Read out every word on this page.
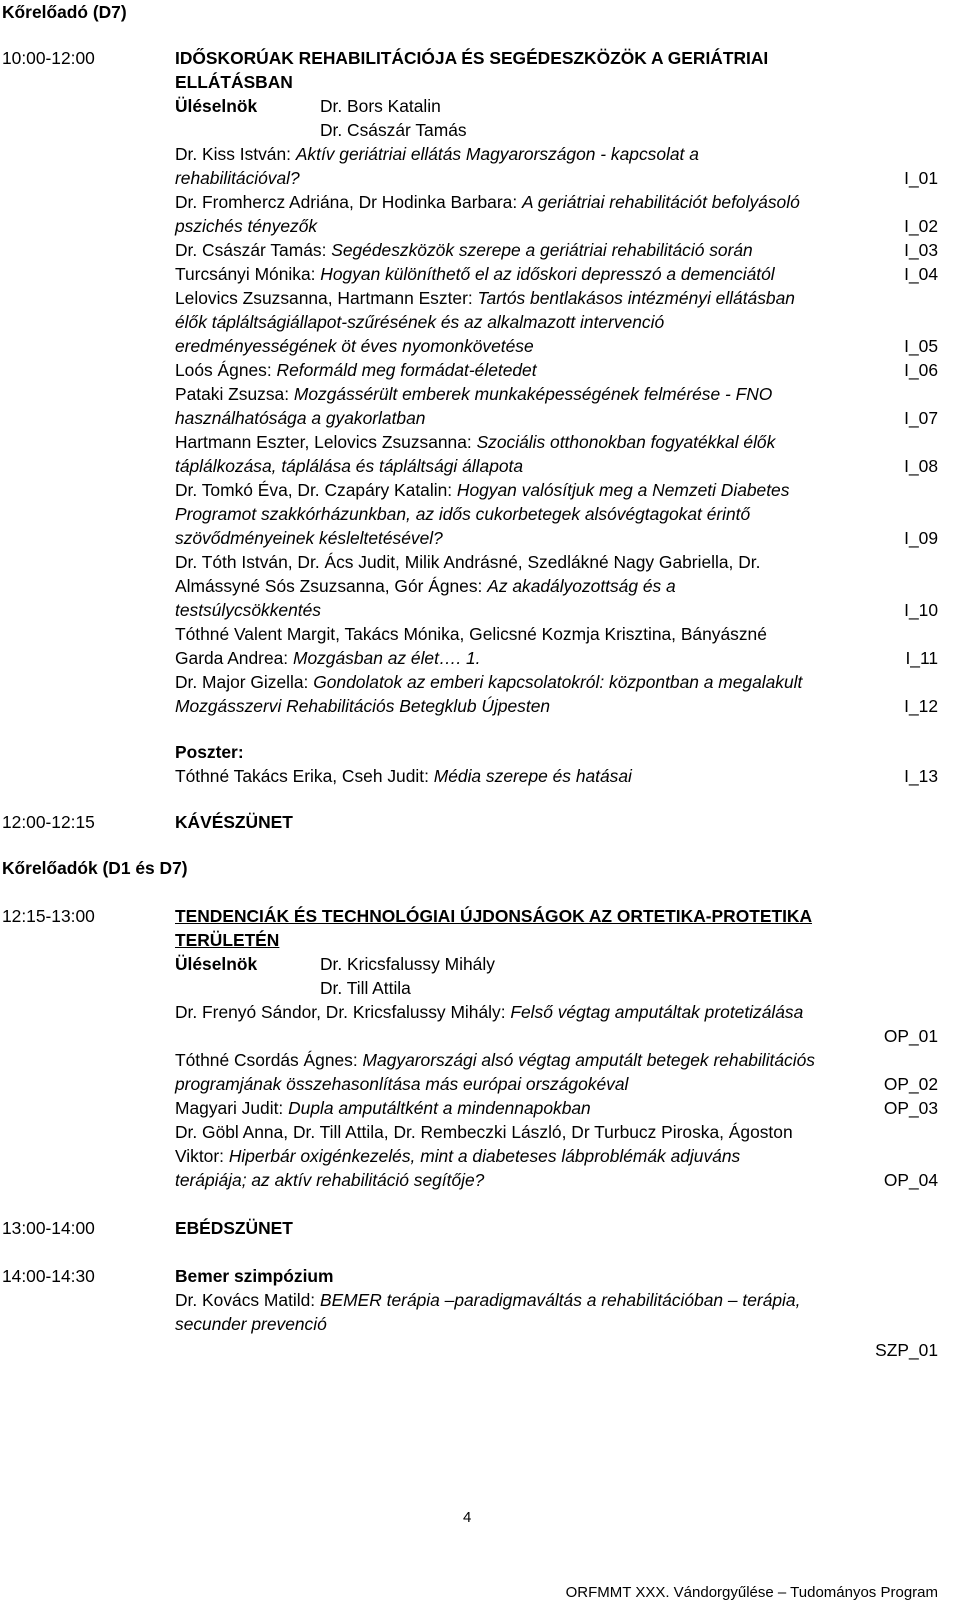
Kőrelőadó (D7)
10:00-12:00	IDŐSKORÚAK REHABILITÁCIÓJA ÉS SEGÉDESZKÖZÖK A GERIÁTRIAI
ELLÁTÁSBAN
Üléselnök	Dr. Bors Katalin
Dr. Császár Tamás
Dr. Kiss István: Aktív geriátriai ellátás Magyarországon - kapcsolat a
rehabilitációval?	I_01
Dr. Fromhercz Adriána, Dr Hodinka Barbara: A geriátriai rehabilitációt befolyásoló
pszichés tényezők	I_02
Dr. Császár Tamás: Segédeszközök szerepe a geriátriai rehabilitáció során	I_03
Turcsányi Mónika: Hogyan különíthető el az időskori depresszó a demenciától	I_04
Lelovics Zsuzsanna, Hartmann Eszter: Tartós bentlakásos intézményi ellátásban
élők tápláltságiállapot-szűrésének és az alkalmazott intervenció
eredményességének öt éves nyomonkövetése	I_05
Loós Ágnes: Reformáld meg formádat-életedet	I_06
Pataki Zsuzsa: Mozgássérült emberek munkaképességének felmérése - FNO
használhatósága a gyakorlatban	I_07
Hartmann Eszter, Lelovics Zsuzsanna: Szociális otthonokban fogyatékkal élők
táplálkozása, táplálása és tápláltsági állapota	I_08
Dr. Tomkó Éva, Dr. Czapáry Katalin: Hogyan valósítjuk meg a Nemzeti Diabetes
Programot szakkórházunkban, az idős cukorbetegek alsóvégtagokat érintő
szövődményeinek késleltetésével?	I_09
Dr. Tóth István, Dr. Ács Judit, Milik Andrásné, Szedlákné Nagy Gabriella, Dr.
Almássyné Sós Zsuzsanna, Gór Ágnes: Az akadályozottság és a
testsúlycsökkentés	I_10
Tóthné Valent Margit, Takács Mónika, Gelicsné Kozmja Krisztina, Bányászné
Garda Andrea: Mozgásban az élet…. 1.	I_11
Dr. Major Gizella: Gondolatok az emberi kapcsolatokról: központban a megalakult
Mozgásszervi Rehabilitációs Betegklub Újpesten	I_12
Poszter:
Tóthné Takács Erika, Cseh Judit: Média szerepe és hatásai	I_13
12:00-12:15	KÁVÉSZÜNET
Kőrelőadók (D1 és D7)
12:15-13:00	TENDENCIÁK ÉS TECHNOLÓGIAI ÚJDONSÁGOK AZ ORTETIKA-PROTETIKA
TERÜLETÉN
Üléselnök	Dr. Kricsfalussy Mihály
Dr. Till Attila
Dr. Frenyó Sándor, Dr. Kricsfalussy Mihály: Felső végtag amputáltak protetizálása
OP_01
Tóthné Csordás Ágnes: Magyarországi alsó végtag amputált betegek rehabilitációs
programjának összehasonlítása más európai országokéval	OP_02
Magyari Judit: Dupla amputáltként a mindennapokban	OP_03
Dr. Göbl Anna, Dr. Till Attila, Dr. Rembeczki László, Dr Turbucz Piroska, Ágoston
Viktor: Hiperbár oxigénkezelés, mint a diabeteses lábproblémák adjuváns
terápiája; az aktív rehabilitáció segítője?	OP_04
13:00-14:00	EBÉDSZÜNET
14:00-14:30	Bemer szimpózium
Dr. Kovács Matild: BEMER terápia –paradigmaváltás a rehabilitációban – terápia,
secunder prevenció
SZP_01
4
ORFMMT XXX. Vándorgyűlése – Tudományos Program
